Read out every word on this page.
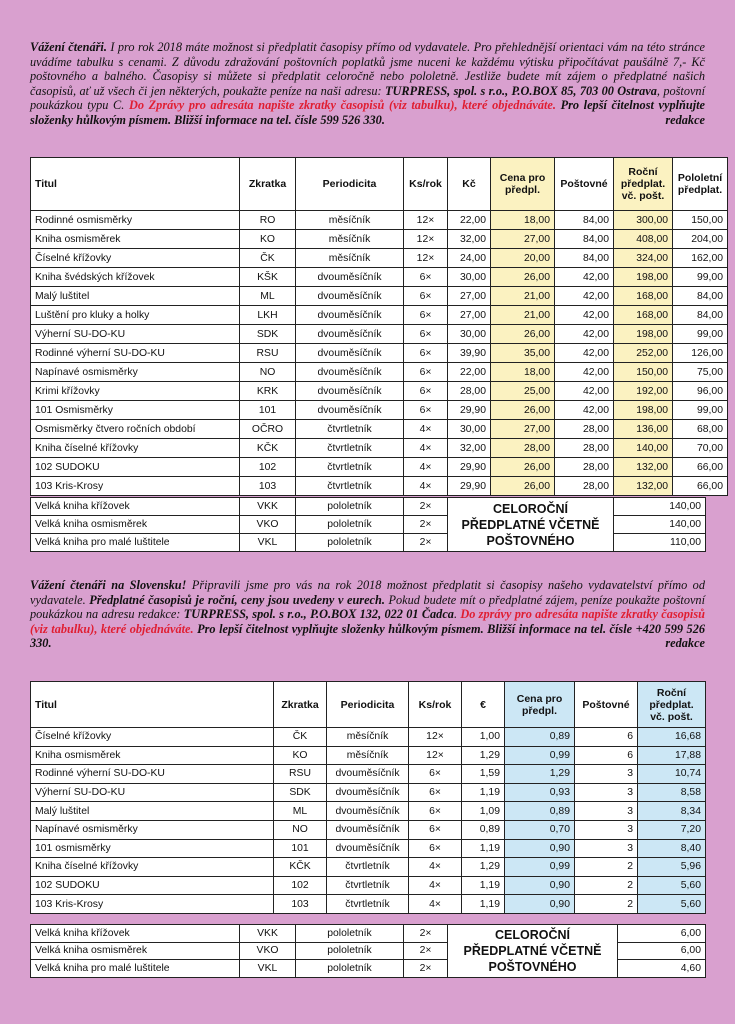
Vážení čtenáři. I pro rok 2018 máte možnost si předplatit časopisy přímo od vydavatele. Pro přehlednější orientaci vám na této stránce uvádíme tabulku s cenami. Z důvodu zdražování poštovních poplatků jsme nuceni ke každému výtisku připočítávat paušálně 7,- Kč poštovného a balného. Časopisy si můžete si předplatit celoročně nebo pololetně. Jestliže budete mít zájem o předplatné našich časopisů, ať už všech či jen některých, poukažte peníze na naši adresu: TURPRESS, spol. s r.o., P.O.BOX 85, 703 00 Ostrava, poštovní poukázkou typu C. Do Zprávy pro adresáta napište zkratky časopisů (viz tabulku), které objednáváte. Pro lepší čitelnost vyplňujte složenky hůlkovým písmem. Bližší informace na tel. čísle 599 526 330.	redakce
Titul	Zkratka	Periodicita	Ks/rok	Kč	Cena pro předpl.	Poštovné	Roční předplat. vč. pošt.	Pololetní předplat.
Rodinné osmisměrky	RO	měsíčník	12×	22,00	18,00	84,00	300,00	150,00
Kniha osmisměrek	KO	měsíčník	12×	32,00	27,00	84,00	408,00	204,00
Číselné křížovky	ČK	měsíčník	12×	24,00	20,00	84,00	324,00	162,00
Kniha švédských křížovek	KŠK	dvouměsíčník	6×	30,00	26,00	42,00	198,00	99,00
Malý luštitel	ML	dvouměsíčník	6×	27,00	21,00	42,00	168,00	84,00
Luštění pro kluky a holky	LKH	dvouměsíčník	6×	27,00	21,00	42,00	168,00	84,00
Výherní SU-DO-KU	SDK	dvouměsíčník	6×	30,00	26,00	42,00	198,00	99,00
Rodinné výherní SU-DO-KU	RSU	dvouměsíčník	6×	39,90	35,00	42,00	252,00	126,00
Napínavé osmisměrky	NO	dvouměsíčník	6×	22,00	18,00	42,00	150,00	75,00
Krimi křížovky	KRK	dvouměsíčník	6×	28,00	25,00	42,00	192,00	96,00
101 Osmisměrky	101	dvouměsíčník	6×	29,90	26,00	42,00	198,00	99,00
Osmisměrky čtvero ročních období	OČRO	čtvrtletník	4×	30,00	27,00	28,00	136,00	68,00
Kniha číselné křížovky	KČK	čtvrtletník	4×	32,00	28,00	28,00	140,00	70,00
102 SUDOKU	102	čtvrtletník	4×	29,90	26,00	28,00	132,00	66,00
103 Kris-Krosy	103	čtvrtletník	4×	29,90	26,00	28,00	132,00	66,00
Velká kniha křížovek	VKK	pololetník	2×	CELOROČNÍ PŘEDPLATNÉ VČETNĚ POŠTOVNÉHO	140,00
Velká kniha osmisměrek	VKO	pololetník	2×		140,00
Velká kniha pro malé luštitele	VKL	pololetník	2×		110,00
Vážení čtenáři na Slovensku! Připravili jsme pro vás na rok 2018 možnost předplatit si časopisy našeho vydavatelství přímo od vydavatele. Předplatné časopisů je roční, ceny jsou uvedeny v eurech. Pokud budete mít o předplatné zájem, peníze poukažte poštovní poukázkou na adresu redakce: TURPRESS, spol. s r.o., P.O.BOX 132, 022 01 Čadca. Do zprávy pro adresáta napište zkratky časopisů (viz tabulku), které objednáváte. Pro lepší čitelnost vyplňujte složenky hůlkovým písmem. Bližší informace na tel. čísle +420 599 526 330.	redakce
Titul	Zkratka	Periodicita	Ks/rok	€	Cena pro předpl.	Poštovné	Roční předplat. vč. pošt.
Číselné křížovky	ČK	měsíčník	12×	1,00	0,89	6	16,68
Kniha osmisměrek	KO	měsíčník	12×	1,29	0,99	6	17,88
Rodinné výherní SU-DO-KU	RSU	dvouměsíčník	6×	1,59	1,29	3	10,74
Výherní SU-DO-KU	SDK	dvouměsíčník	6×	1,19	0,93	3	8,58
Malý luštitel	ML	dvouměsíčník	6×	1,09	0,89	3	8,34
Napínavé osmisměrky	NO	dvouměsíčník	6×	0,89	0,70	3	7,20
101 osmisměrky	101	dvouměsíčník	6×	1,19	0,90	3	8,40
Kniha číselné křížovky	KČK	čtvrtletník	4×	1,29	0,99	2	5,96
102 SUDOKU	102	čtvrtletník	4×	1,19	0,90	2	5,60
103 Kris-Krosy	103	čtvrtletník	4×	1,19	0,90	2	5,60
Velká kniha křížovek	VKK	pololetník	2×	CELOROČNÍ PŘEDPLATNÉ VČETNĚ POŠTOVNÉHO	6,00
Velká kniha osmisměrek	VKO	pololetník	2×		6,00
Velká kniha pro malé luštitele	VKL	pololetník	2×		4,60
